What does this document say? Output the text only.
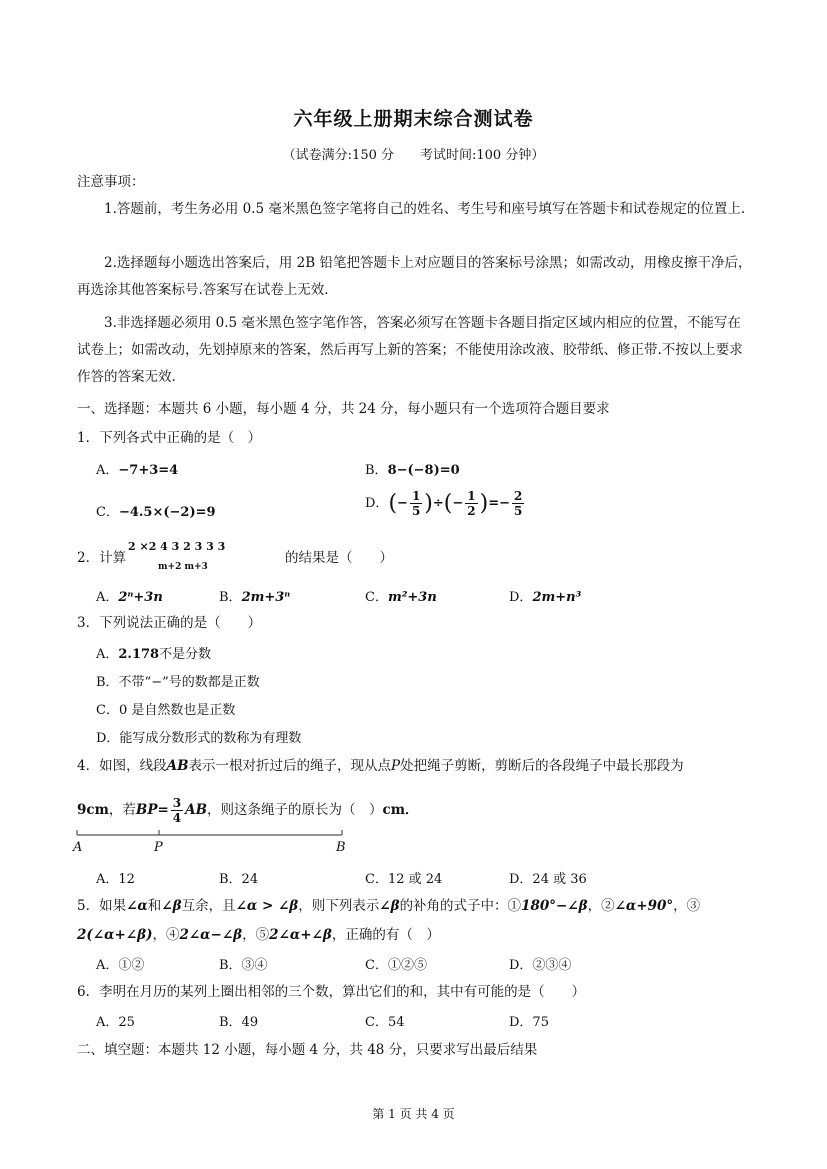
六年级上册期末综合测试卷
（试卷满分:150 分　　考试时间:100 分钟）
注意事项：
1.答题前，考生务必用 0.5 毫米黑色签字笔将自己的姓名、考生号和座号填写在答题卡和试卷规定的位置上.
2.选择题每小题选出答案后，用 2B 铅笔把答题卡上对应题目的答案标号涂黑；如需改动，用橡皮擦干净后，再选涂其他答案标号.答案写在试卷上无效.
3.非选择题必须用 0.5 毫米黑色签字笔作答，答案必须写在答题卡各题目指定区域内相应的位置，不能写在试卷上；如需改动，先划掉原来的答案，然后再写上新的答案；不能使用涂改液、胶带纸、修正带.不按以上要求作答的答案无效.
一、选择题：本题共 6 小题，每小题 4 分，共 24 分，每小题只有一个选项符合题目要求
1．下列各式中正确的是（　）
A．−7+3=4	B．8−(−8)=0
C．−4.5×(−2)=9
D．(− $\frac{1}{5}$ )÷(− $\frac{1}{2}$ )=− $\frac{2}{5}$
2．计算
2 ×2 4 3 2 3 3 3
m+2 m+3
的结果是（　　）
A．2ⁿ+3n	B．2m+3ⁿ	C．m²+3n	D．2m+n³
3．下列说法正确的是（　　）
A．2.178不是分数
B．不带“−”号的数都是正数
C．0 是自然数也是正数
D．能写成分数形式的数称为有理数
4．如图，线段AB表示一根对折过后的绳子，现从点P处把绳子剪断，剪断后的各段绳子中最长那段为
9cm，若$BP= \frac{3}{4}$ AB，则这条绳子的原长为（　）cm．
A	P	B
A．12	B．24	C．12 或 24	D．24 或 36
5．如果∠α和∠β互余，且∠α > ∠β，则下列表示∠β的补角的式子中：①180°−∠β，②∠α+90°，③
2(∠α+∠β)，④2∠α−∠β，⑤2∠α+∠β，正确的有（　）
A．①②	B．③④	C．①②⑤	D．②③④
6．李明在月历的某列上圈出相邻的三个数，算出它们的和，其中有可能的是（　　）
A．25	B．49	C．54	D．75
二、填空题：本题共 12 小题，每小题 4 分，共 48 分，只要求写出最后结果
第 1 页 共 4 页
